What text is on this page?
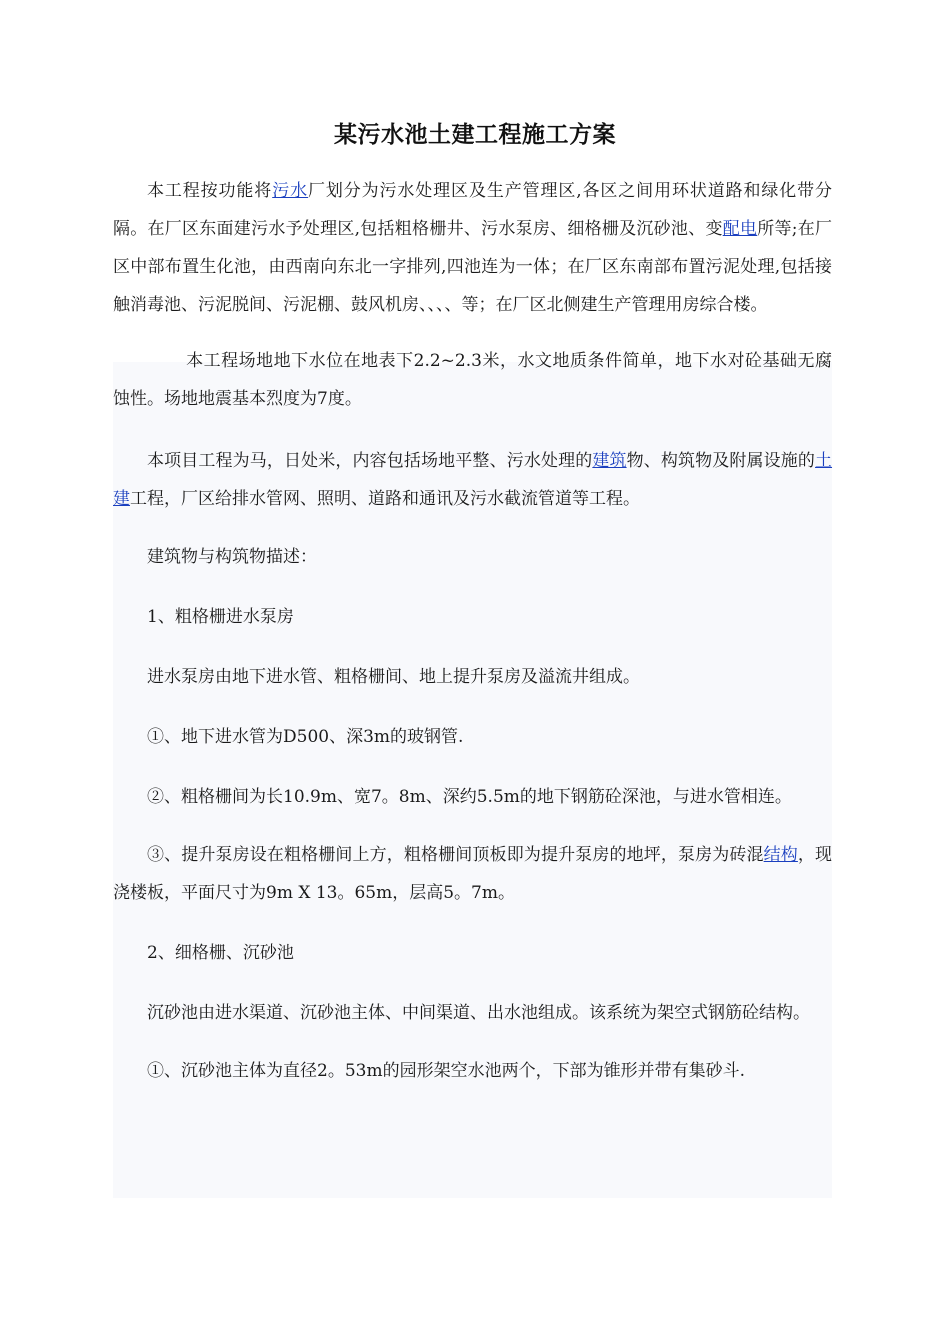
某污水池土建工程施工方案

本工程按功能将污水厂划分为污水处理区及生产管理区,各区之间用环状道路和绿化带分隔。在厂区东面建污水予处理区,包括粗格栅井、污水泵房、细格栅及沉砂池、变配电所等;在厂区中部布置生化池，由西南向东北一字排列,四池连为一体；在厂区东南部布置污泥处理,包括接触消毒池、污泥脱间、污泥棚、鼓风机房、、、、等；在厂区北侧建生产管理用房综合楼。

本工程场地地下水位在地表下2.2~2.3米，水文地质条件简单，地下水对砼基础无腐蚀性。场地地震基本烈度为7度。

本项目工程为马，日处米，内容包括场地平整、污水处理的建筑物、构筑物及附属设施的土建工程，厂区给排水管网、照明、道路和通讯及污水截流管道等工程。

建筑物与构筑物描述：

1、粗格栅进水泵房

进水泵房由地下进水管、粗格栅间、地上提升泵房及溢流井组成。

①、地下进水管为D500、深3m的玻钢管.

②、粗格栅间为长10.9m、宽7。8m、深约5.5m的地下钢筋砼深池，与进水管相连。

③、提升泵房设在粗格栅间上方，粗格栅间顶板即为提升泵房的地坪，泵房为砖混结构，现浇楼板，平面尺寸为9m X 13。65m，层高5。7m。

2、细格栅、沉砂池

沉砂池由进水渠道、沉砂池主体、中间渠道、出水池组成。该系统为架空式钢筋砼结构。

①、沉砂池主体为直径2。53m的园形架空水池两个，下部为锥形并带有集砂斗.
